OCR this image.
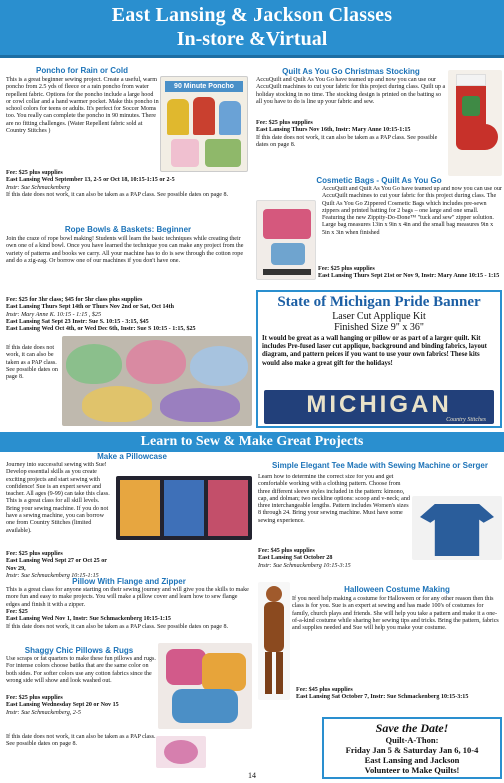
East Lansing & Jackson Classes
In-store &Virtual
Poncho for Rain or Cold
This is a great beginner sewing project. Create a useful, warm poncho from 2.5 yds of fleece or a rain poncho from water repellent fabric. Options for the poncho include a large hood or cowl collar and a hand warmer pocket. Make this poncho in school colors for teens or adults. It's perfect for Soccer Moms too. You really can complete the poncho in 90 minutes. There are no fitting challenges. (Water Repellent fabric sold at Country Stitches )
90 Minute Poncho
Fee: $25 plus supplies
East Lansing Wed September 13, 2-5 or Oct 18, 10:15-1:15 or 2-5
Instr: Sue Schmackenberg
If this date does not work, it can also be taken as a PAP class. See possible dates on page 8.
Rope Bowls & Baskets: Beginner
Join the craze of rope bowl making! Students will learn the basic techniques while creating their own one of a kind bowl. Once you have learned the technique you can make any project from the variety of patterns and books we carry. All your machine has to do is sew through the cotton rope and do a zig-zag. Or borrow one of our machines if you don't have one.
Fee: $25 for 3hr class; $45 for 5hr class plus supplies
East Lansing Thurs Sept 14th or Thurs Nov 2nd or Sat, Oct 14th
Instr: Mary Anne K. 10:15 - 1:15 , $25
East Lansing Sat Sept 23 Instr: Sue S. 10:15 - 3:15, $45
East Lansing Wed Oct 4th, or Wed Dec 6th, Instr: Sue S 10:15 - 1:15, $25
If this date does not work, it can also be taken as a PAP class. See possible dates on page 8.
Quilt As You Go Christmas Stocking
AccuQuilt and Quilt As You Go have teamed up and now you can use our AccuQuilt machines to cut your fabric for this project during class. Quilt up a holiday stocking in no time. The stocking design is printed on the batting so all you have to do is line up your fabric and sew.
Fee: $25 plus supplies
East Lansing Thurs Nov 16th, Instr: Mary Anne 10:15-1:15
If this date does not work, it can also be taken as a PAP class. See possible dates on page 8.
Cosmetic Bags - Quilt As You Go
AccuQuilt and Quilt As You Go have teamed up and now you can use our AccuQuilt machines to cut your fabric for this project during class. The Quilt As You Go Zippered Cosmetic Bags which includes pre-sewn zippers and printed batting for 2 bags – one large and one small. Featuring the new Zippity-Do-Done™ "tuck and sew" zipper solution. Large bag measures 13in x 9in x 4in and the small bag measures 9in x 5in x 3in when finished
Fee: $25 plus supplies
East Lansing Thurs Sept 21st or Nov 9, Instr: Mary Anne 10:15 - 1:15
State of Michigan Pride Banner
Laser Cut Applique Kit
Finished Size 9" x 36"
It would be great as a wall hanging or pillow or as part of a larger quilt. Kit includes Pre-fused laser cut applique, background and binding fabrics, layout diagram, and pattern peices if you want to use your own fabrics! These kits would also make a great gift for the holidays!
MICHIGAN
Country Stitches
Learn to Sew & Make Great Projects
Make a Pillowcase
Journey into successful sewing with Sue! Develop essential skills as you create exciting projects and start sewing with confidence! Sue is an expert sewer and teacher. All ages (9-99) can take this class. This is a great class for all skill levels. Bring your sewing machine. If you do not have a sewing machine, you can borrow one from Country Stitches (limited available).
Fee: $25 plus supplies
East Lansing Wed Sept 27 or Oct 25 or Nov 29,
Instr: Sue Schmackenberg 10:15-1:15
Pillow With Flange and Zipper
This is a great class for anyone starting on their sewing journey and will give you the skills to make more fun and easy to make projects. You will make a pillow cover and learn how to sew flange edges and finish it with a zipper.
Fee: $25
East Lansing Wed Nov 1, Instr: Sue Schmackenberg 10:15-1:15
If this date does not work, it can also be taken as a PAP class. See possible dates on page 8.
Shaggy Chic Pillows & Rugs
Use scraps or fat quarters to make these fun pillows and rugs. For intense colors choose batiks that are the same color on both sides. For softer colors use any cotton fabrics since the wrong side will show and look washed out.
Fee: $25 plus supplies
East Lansing Wednesday Sept 20 or Nov 15
Instr: Sue Schmackenberg, 2-5
If this date does not work, it can also be taken as a PAP class. See possible dates on page 8.
Simple Elegant Tee Made with Sewing Machine or Serger
Learn how to determine the correct size for you and get comfortable working with a clothing pattern. Choose from three different sleeve styles included in the pattern: kimono, cap, and dolman; two neckline options: scoop and v-neck; and three interchangeable lengths. Pattern includes Women's sizes 8 through 24. Bring your sewing machine. Must have some sewing experience.
Fee: $45 plus supplies
East Lansing Sat October 28
Instr: Sue Schmackenberg 10:15-3:15
Halloween Costume Making
If you need help making a costume for Halloween or for any other reason then this class is for you. Sue is an expert at sewing and has made 100's of costumes for family, church plays and friends. She will help you take a pattern and make it a one-of-a-kind costume while sharing her sewing tips and tricks. Bring the pattern, fabrics and supplies needed and Sue will help you make your costume.
Fee: $45 plus supplies
East Lansing Sat October 7, Instr: Sue Schmackenberg 10:15-3:15
Save the Date!
Quilt-A-Thon:
Friday Jan 5 & Saturday Jan 6, 10-4
East Lansing and Jackson
Volunteer to Make Quilts!
14
